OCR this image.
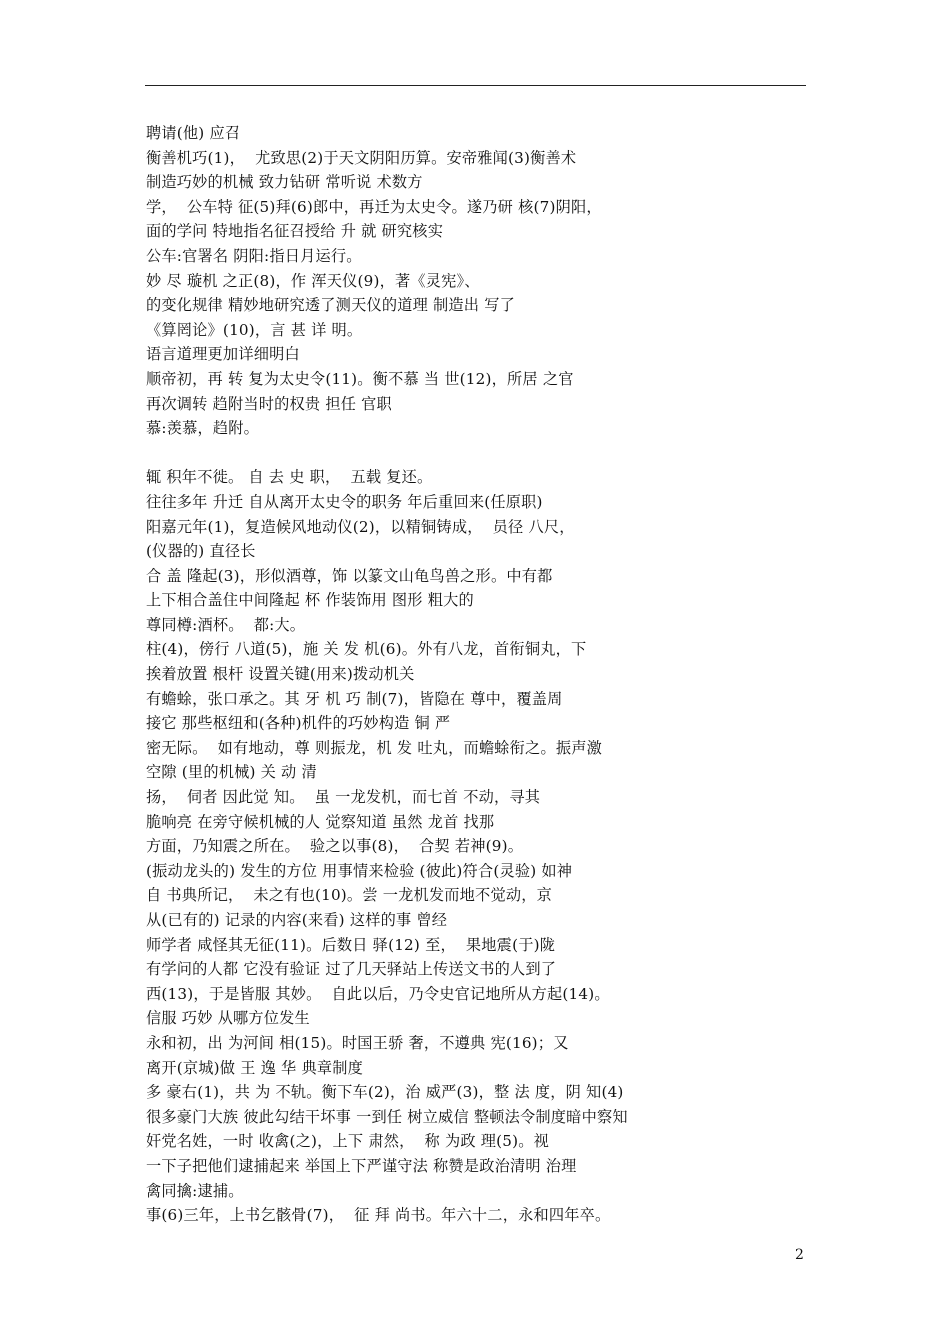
聘请(他) 应召
衡善机巧(1)，  尤致思(2)于天文阴阳历算。安帝雅闻(3)衡善术
制造巧妙的机械 致力钻研 常听说 术数方
学，  公车特 征(5)拜(6)郎中，再迁为太史令。遂乃研 核(7)阴阳，
面的学问 特地指名征召授给 升 就 研究核实
公车:官署名 阴阳:指日月运行。
妙 尽 璇机 之正(8)，作 浑天仪(9)，著《灵宪》、
的变化规律 精妙地研究透了测天仪的道理 制造出 写了
《算罔论》(10)，言 甚 详 明。
语言道理更加详细明白
顺帝初，再 转 复为太史令(11)。衡不慕 当 世(12)，所居 之官
再次调转 趋附当时的权贵 担任 官职
慕:羡慕，趋附。
辄 积年不徙。 自 去 史 职，  五载 复还。
往往多年 升迁 自从离开太史令的职务 年后重回来(任原职)
阳嘉元年(1)，复造候风地动仪(2)，以精铜铸成，  员径 八尺，
(仪器的) 直径长
合 盖 隆起(3)，形似酒尊，饰 以篆文山龟鸟兽之形。中有都
上下相合盖住中间隆起 杯 作装饰用 图形 粗大的
尊同樽:酒杯。  都:大。
柱(4)，傍行 八道(5)，施 关 发 机(6)。外有八龙，首衔铜丸，下
挨着放置 根杆 设置关键(用来)拨动机关
有蟾蜍，张口承之。其 牙 机 巧 制(7)，皆隐在 尊中，覆盖周
接它 那些枢纽和(各种)机件的巧妙构造 铜 严
密无际。  如有地动，尊 则振龙，机 发 吐丸，而蟾蜍衔之。振声激
空隙 (里的机械) 关 动 清
扬，  伺者 因此觉 知。  虽 一龙发机，而七首 不动，寻其
脆响亮 在旁守候机械的人 觉察知道 虽然 龙首 找那
方面，乃知震之所在。  验之以事(8)，  合契 若神(9)。
(振动龙头的) 发生的方位 用事情来检验 (彼此)符合(灵验) 如神
自 书典所记，  未之有也(10)。尝 一龙机发而地不觉动，京
从(已有的) 记录的内容(来看) 这样的事 曾经
师学者 咸怪其无征(11)。后数日 驿(12) 至，  果地震(于)陇
有学问的人都 它没有验证 过了几天驿站上传送文书的人到了
西(13)，于是皆服 其妙。  自此以后，乃令史官记地所从方起(14)。
信服 巧妙 从哪方位发生
永和初，出 为河间 相(15)。时国王骄 奢，不遵典 宪(16)；又
离开(京城)做 王 逸 华 典章制度
多 豪右(1)，共 为 不轨。衡下车(2)，治 威严(3)，整 法 度，阴 知(4)
很多豪门大族 彼此勾结干坏事 一到任 树立威信 整顿法令制度暗中察知
奸党名姓，一时 收禽(之)，上下 肃然，  称 为政 理(5)。视
一下子把他们逮捕起来 举国上下严谨守法 称赞是政治清明 治理
禽同擒:逮捕。
事(6)三年，上书乞骸骨(7)，  征 拜 尚书。年六十二，永和四年卒。
2
